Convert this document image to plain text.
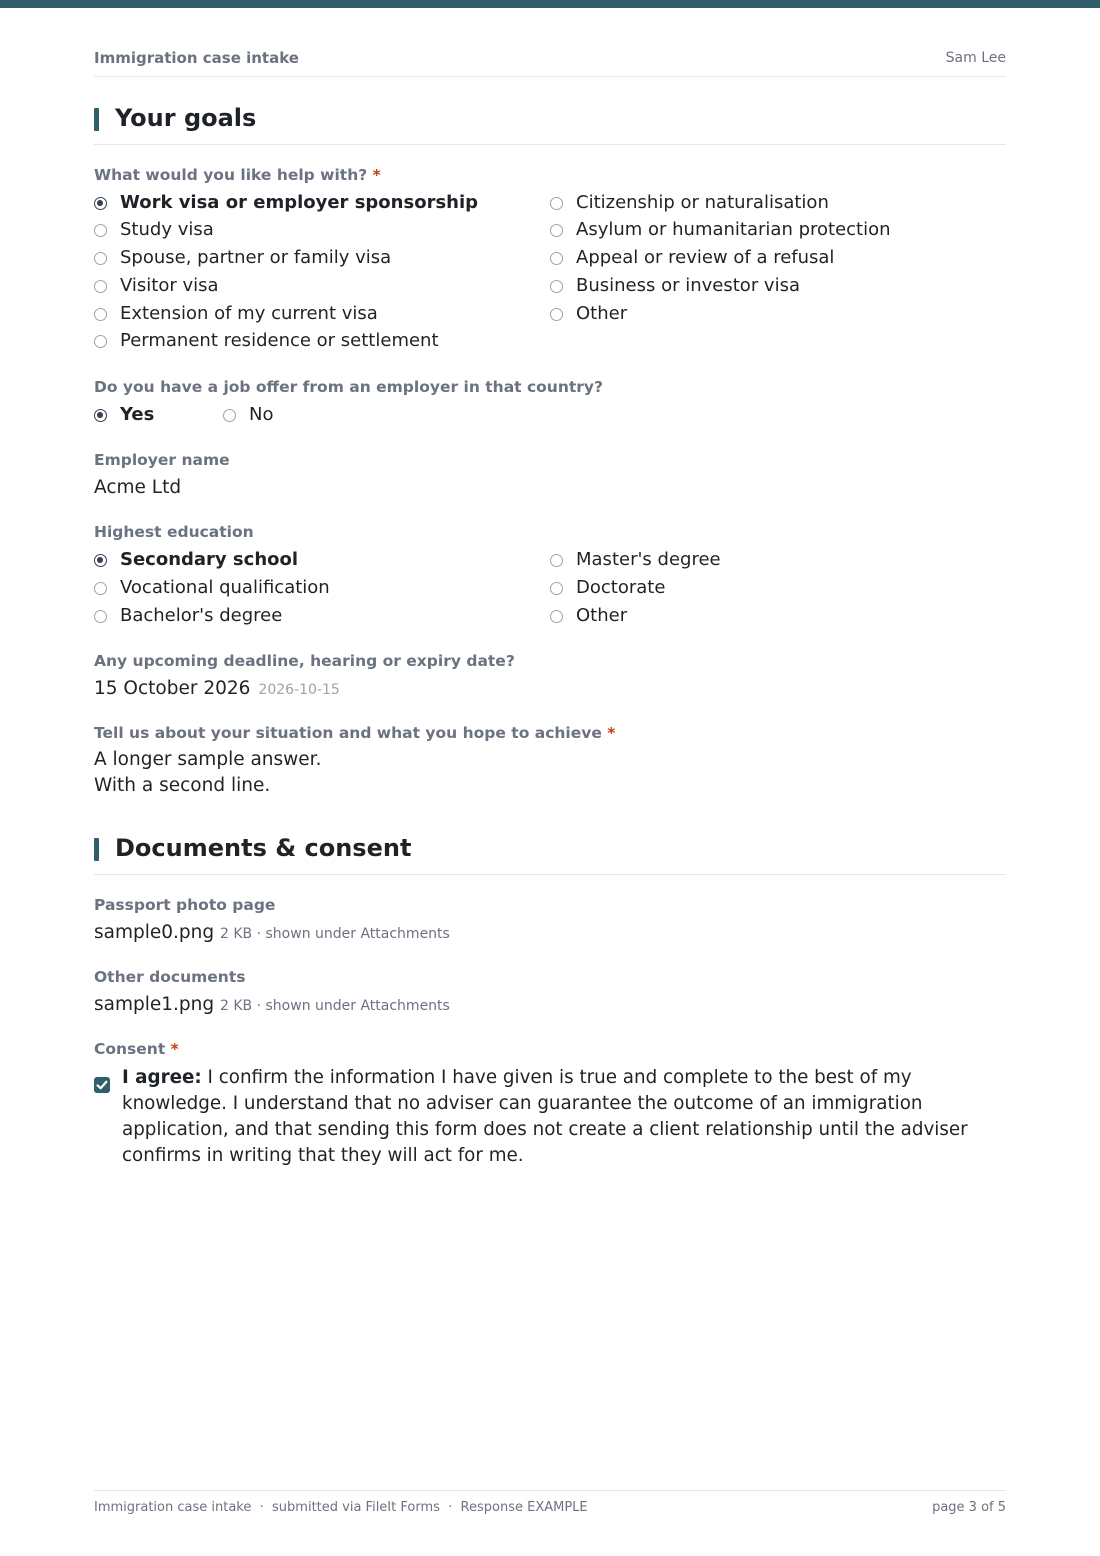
Immigration case intake	Sam Lee
Your goals
What would you like help with? *
Work visa or employer sponsorship
Study visa
Spouse, partner or family visa
Visitor visa
Extension of my current visa
Permanent residence or settlement
Citizenship or naturalisation
Asylum or humanitarian protection
Appeal or review of a refusal
Business or investor visa
Other
Do you have a job offer from an employer in that country?
Yes	No
Employer name
Acme Ltd
Highest education
Secondary school
Vocational qualification
Bachelor's degree
Master's degree
Doctorate
Other
Any upcoming deadline, hearing or expiry date?
15 October 2026 2026-10-15
Tell us about your situation and what you hope to achieve *
A longer sample answer.
With a second line.
Documents & consent
Passport photo page
sample0.png 2 KB · shown under Attachments
Other documents
sample1.png 2 KB · shown under Attachments
Consent *
I agree: I confirm the information I have given is true and complete to the best of my knowledge. I understand that no adviser can guarantee the outcome of an immigration application, and that sending this form does not create a client relationship until the adviser confirms in writing that they will act for me.
Immigration case intake  ·  submitted via FileIt Forms  ·  Response EXAMPLE	page 3 of 5
